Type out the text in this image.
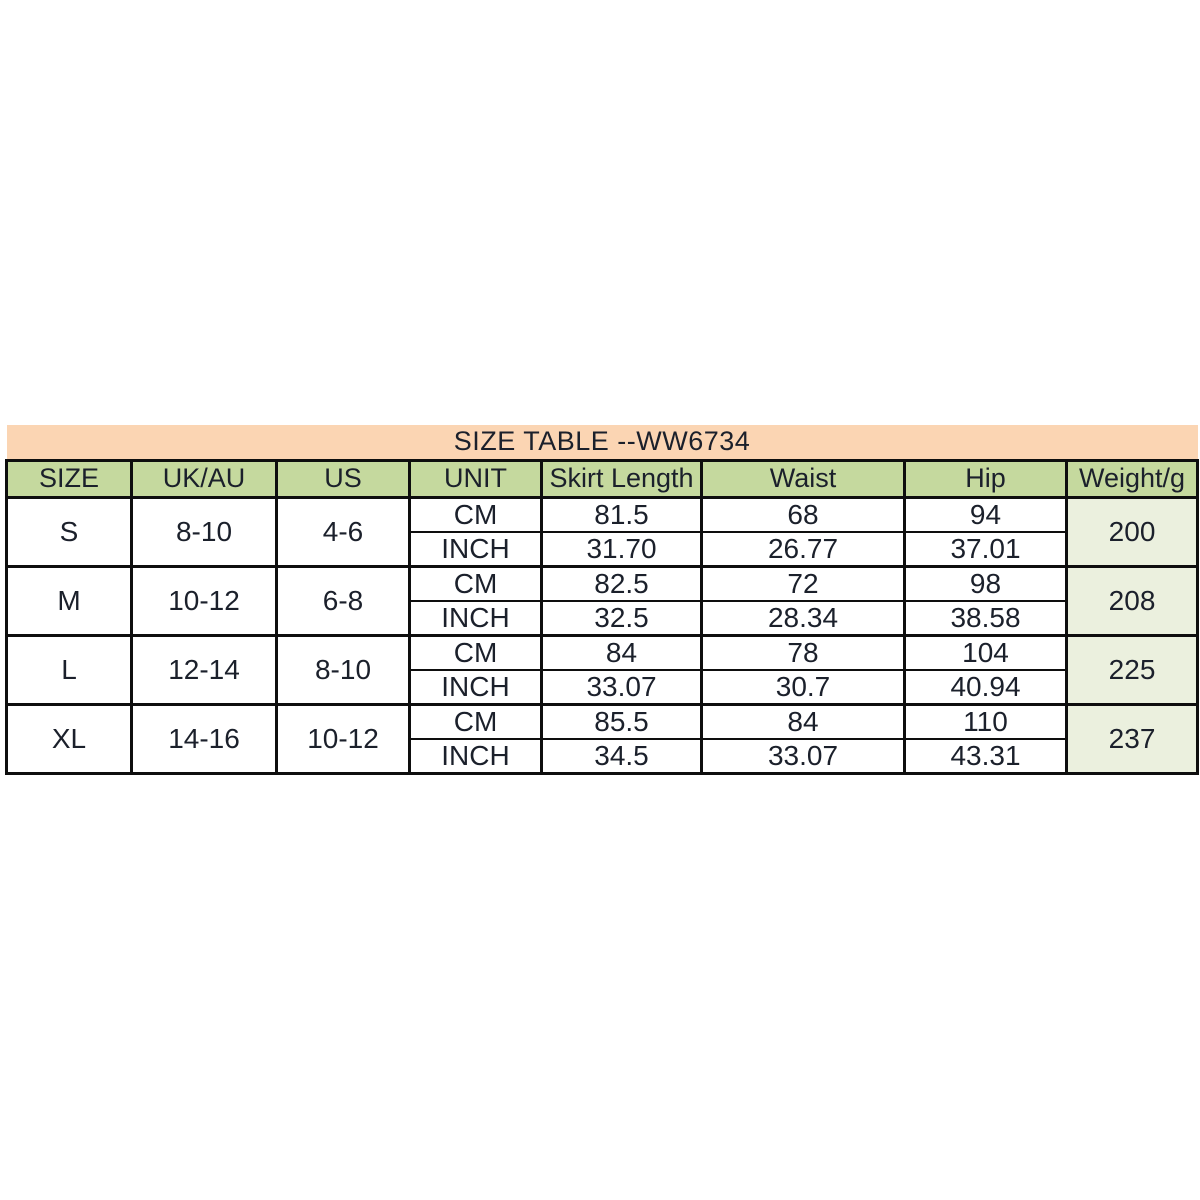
SIZE TABLE --WW6734							
SIZE	UK/AU	US	UNIT	Skirt Length	Waist	Hip	Weight/g
S	8-10	4-6	CM	81.5	68	94	200
			INCH	31.70	26.77	37.01	
M	10-12	6-8	CM	82.5	72	98	208
			INCH	32.5	28.34	38.58	
L	12-14	8-10	CM	84	78	104	225
			INCH	33.07	30.7	40.94	
XL	14-16	10-12	CM	85.5	84	110	237
			INCH	34.5	33.07	43.31	
